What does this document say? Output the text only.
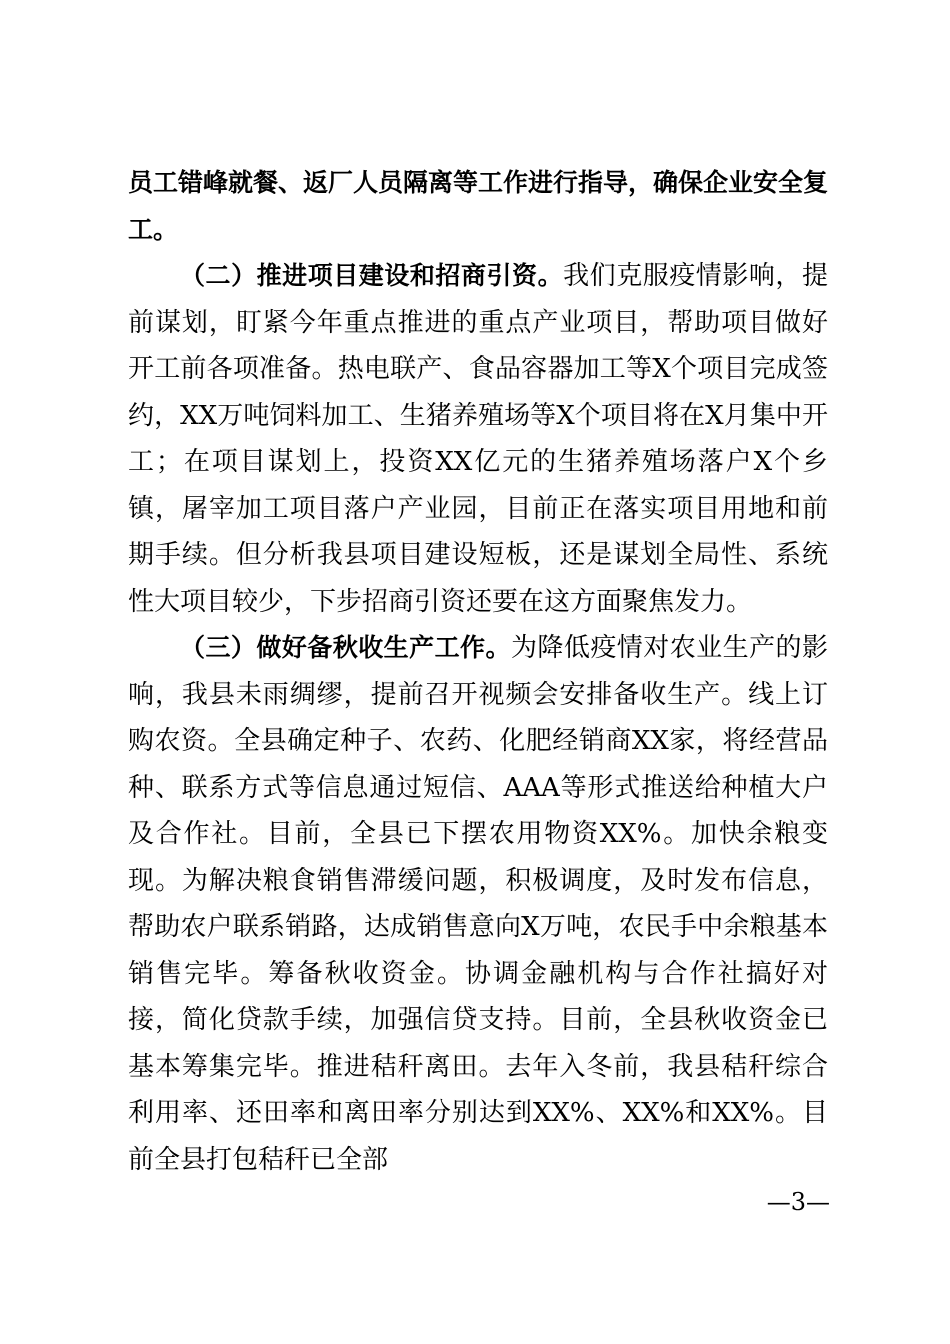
员工错峰就餐、返厂人员隔离等工作进行指导，确保企业安全复工。

（二）推进项目建设和招商引资。我们克服疫情影响，提前谋划，盯紧今年重点推进的重点产业项目，帮助项目做好开工前各项准备。热电联产、食品容器加工等X个项目完成签约，XX万吨饲料加工、生猪养殖场等X个项目将在X月集中开工；在项目谋划上，投资XX亿元的生猪养殖场落户X个乡镇，屠宰加工项目落户产业园，目前正在落实项目用地和前期手续。但分析我县项目建设短板，还是谋划全局性、系统性大项目较少，下步招商引资还要在这方面聚焦发力。

（三）做好备秋收生产工作。为降低疫情对农业生产的影响，我县未雨绸缪，提前召开视频会安排备收生产。线上订购农资。全县确定种子、农药、化肥经销商XX家，将经营品种、联系方式等信息通过短信、AAA等形式推送给种植大户及合作社。目前，全县已下摆农用物资XX%。加快余粮变现。为解决粮食销售滞缓问题，积极调度，及时发布信息，帮助农户联系销路，达成销售意向X万吨，农民手中余粮基本销售完毕。筹备秋收资金。协调金融机构与合作社搞好对接，简化贷款手续，加强信贷支持。目前，全县秋收资金已基本筹集完毕。推进秸秆离田。去年入冬前，我县秸秆综合利用率、还田率和离田率分别达到XX%、XX%和XX%。目前全县打包秸秆已全部

—3—
